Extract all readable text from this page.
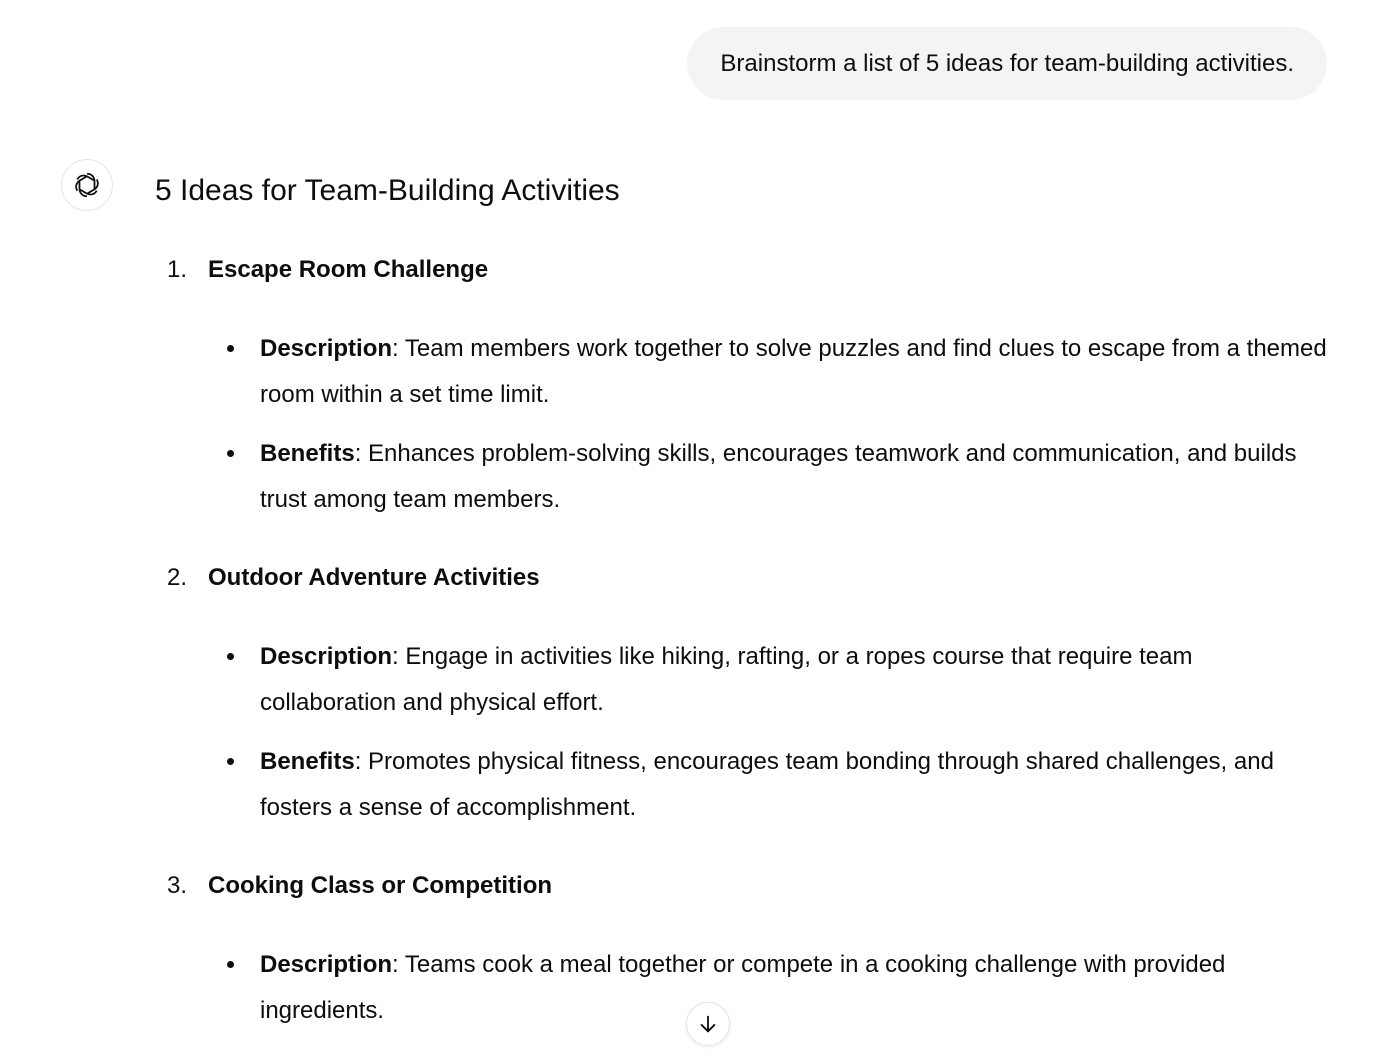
Brainstorm a list of 5 ideas for team-building activities.
5 Ideas for Team-Building Activities
1. Escape Room Challenge
Description: Team members work together to solve puzzles and find clues to escape from a themed room within a set time limit.
Benefits: Enhances problem-solving skills, encourages teamwork and communication, and builds trust among team members.
2. Outdoor Adventure Activities
Description: Engage in activities like hiking, rafting, or a ropes course that require team collaboration and physical effort.
Benefits: Promotes physical fitness, encourages team bonding through shared challenges, and fosters a sense of accomplishment.
3. Cooking Class or Competition
Description: Teams cook a meal together or compete in a cooking challenge with provided ingredients.
